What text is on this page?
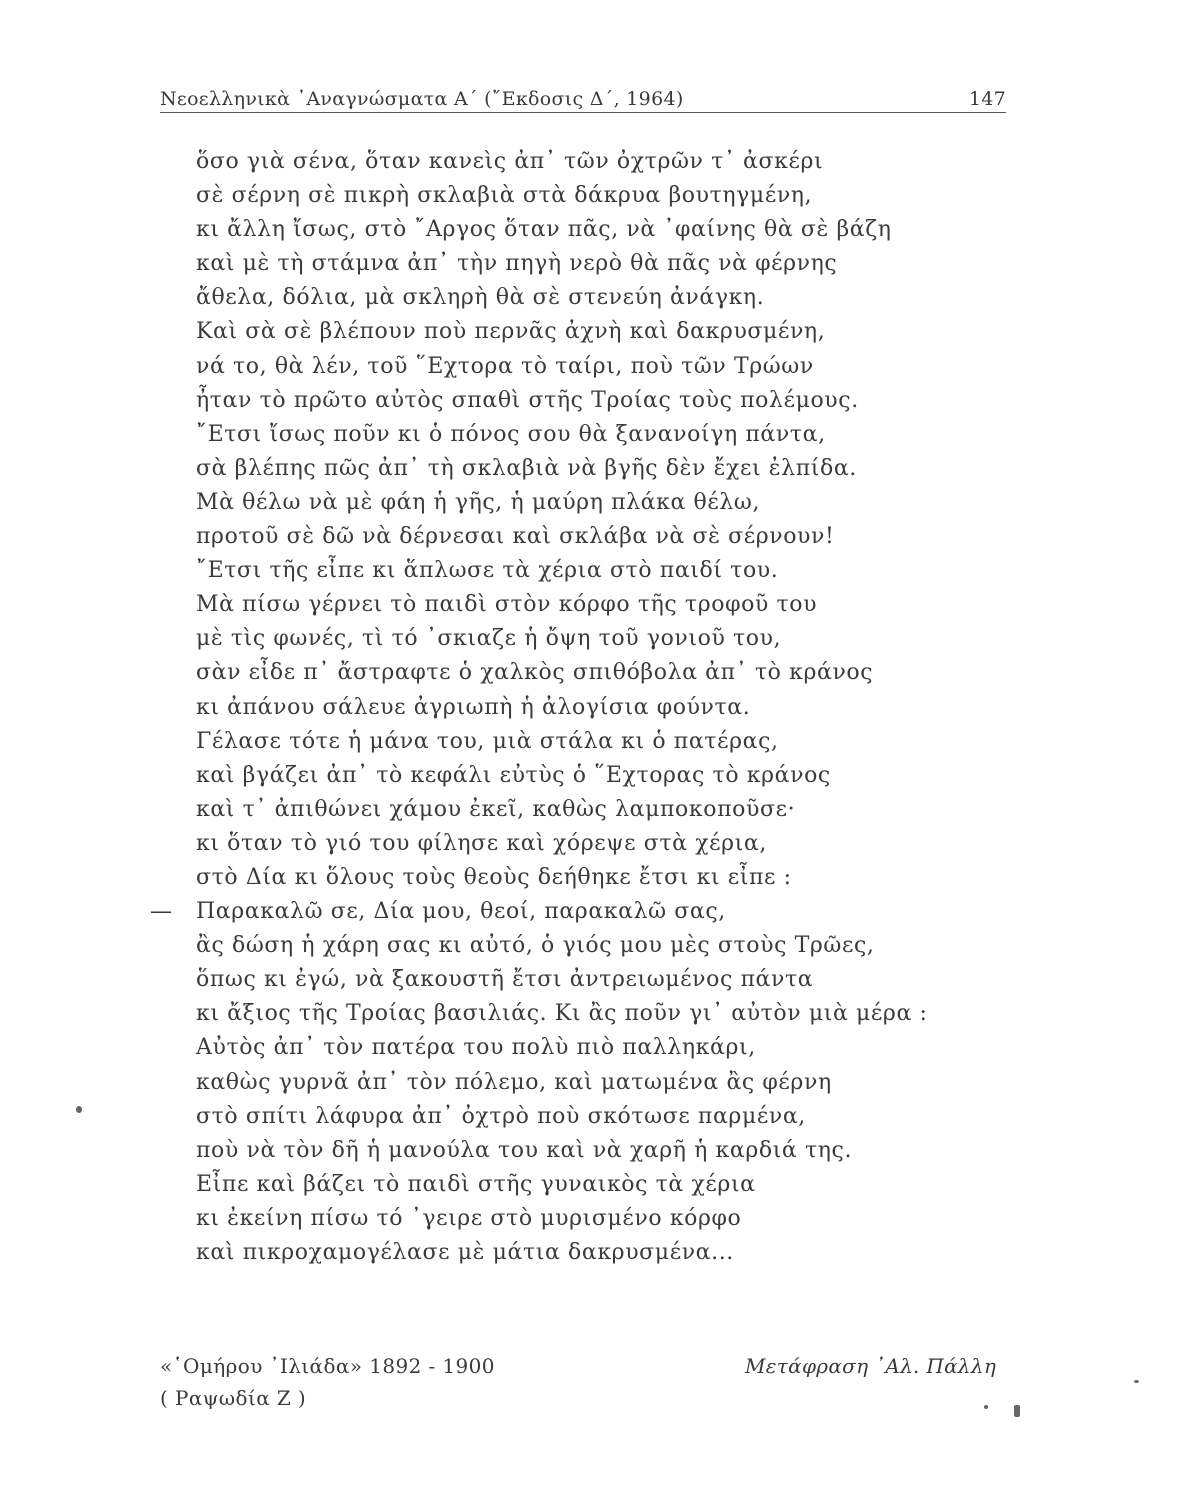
Νεοελληνικὰ ᾿Αναγνώσματα Α΄ (῎Εκδοσις Δ΄, 1964)	147
ὅσο γιὰ σένα, ὅταν κανεὶς ἀπ᾿ τῶν ὀχτρῶν τ᾿ ἀσκέρι
σὲ σέρνη σὲ πικρὴ σκλαβιὰ στὰ δάκρυα βουτηγμένη,
κι ἄλλη ἴσως, στὸ ῎Αργος ὅταν πᾶς, νὰ ᾿φαίνης θὰ σὲ βάζη
καὶ μὲ τὴ στάμνα ἀπ᾿ τὴν πηγὴ νερὸ θὰ πᾶς νὰ φέρνης
ἄθελα, δόλια, μὰ σκληρὴ θὰ σὲ στενεύη ἀνάγκη.
Καὶ σὰ σὲ βλέπουν ποὺ περνᾶς ἀχνὴ καὶ δακρυσμένη,
νά το, θὰ λέν, τοῦ ῞Εχτορα τὸ ταίρι, ποὺ τῶν Τρώων
ἦταν τὸ πρῶτο αὐτὸς σπαθὶ στῆς Τροίας τοὺς πολέμους.
῎Ετσι ἴσως ποῦν κι ὁ πόνος σου θὰ ξανανοίγη πάντα,
σὰ βλέπης πῶς ἀπ᾿ τὴ σκλαβιὰ νὰ βγῆς δὲν ἔχει ἐλπίδα.
Μὰ θέλω νὰ μὲ φάη ἡ γῆς, ἡ μαύρη πλάκα θέλω,
προτοῦ σὲ δῶ νὰ δέρνεσαι καὶ σκλάβα νὰ σὲ σέρνουν!
῎Ετσι τῆς εἶπε κι ἅπλωσε τὰ χέρια στὸ παιδί του.
Μὰ πίσω γέρνει τὸ παιδὶ στὸν κόρφο τῆς τροφοῦ του
μὲ τὶς φωνές, τὶ τό ᾿σκιαζε ἡ ὄψη τοῦ γονιοῦ του,
σὰν εἶδε π᾿ ἄστραφτε ὁ χαλκὸς σπιθόβολα ἀπ᾿ τὸ κράνος
κι ἀπάνου σάλευε ἀγριωπὴ ἡ ἀλογίσια φούντα.
Γέλασε τότε ἡ μάνα του, μιὰ στάλα κι ὁ πατέρας,
καὶ βγάζει ἀπ᾿ τὸ κεφάλι εὐτὺς ὁ ῞Εχτορας τὸ κράνος
καὶ τ᾿ ἀπιθώνει χάμου ἐκεῖ, καθὼς λαμποκοποῦσε·
κι ὅταν τὸ γιό του φίλησε καὶ χόρεψε στὰ χέρια,
στὸ Δία κι ὅλους τοὺς θεοὺς δεήθηκε ἔτσι κι εἶπε :
—	Παρακαλῶ σε, Δία μου, θεοί, παρακαλῶ σας,
ἂς δώση ἡ χάρη σας κι αὐτό, ὁ γιός μου μὲς στοὺς Τρῶες,
ὅπως κι ἐγώ, νὰ ξακουστῆ ἔτσι ἀντρειωμένος πάντα
κι ἄξιος τῆς Τροίας βασιλιάς. Κι ἂς ποῦν γι᾿ αὐτὸν μιὰ μέρα :
Αὐτὸς ἀπ᾿ τὸν πατέρα του πολὺ πιὸ παλληκάρι,
καθὼς γυρνᾶ ἀπ᾿ τὸν πόλεμο, καὶ ματωμένα ἂς φέρνη
στὸ σπίτι λάφυρα ἀπ᾿ ὀχτρὸ ποὺ σκότωσε παρμένα,
ποὺ νὰ τὸν δῆ ἡ μανούλα του καὶ νὰ χαρῆ ἡ καρδιά της.
Εἶπε καὶ βάζει τὸ παιδὶ στῆς γυναικὸς τὰ χέρια
κι ἐκείνη πίσω τό ᾿γειρε στὸ μυρισμένο κόρφο
καὶ πικροχαμογέλασε μὲ μάτια δακρυσμένα...
«῾Ομήρου ᾿Ιλιάδα» 1892 - 1900
( Ραψωδία Ζ )
Μετάφραση ᾿Αλ. Πάλλη
